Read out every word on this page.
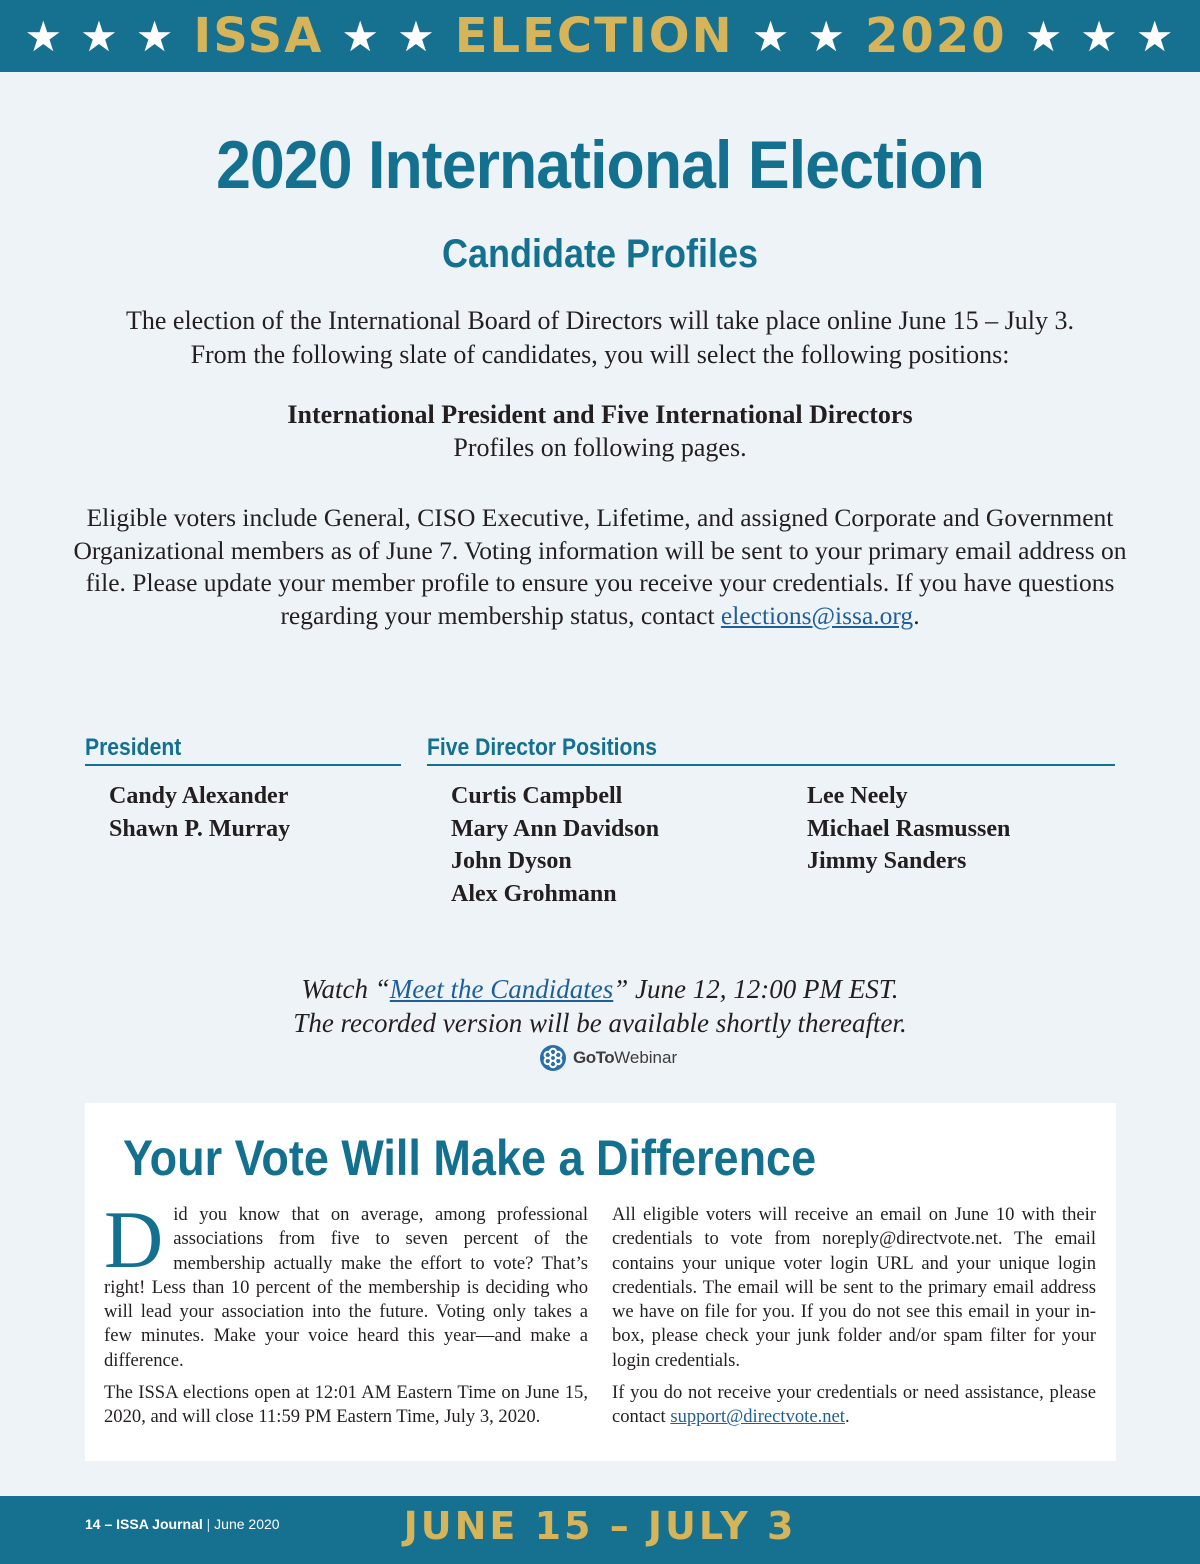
★ ★ ★ ISSA ★ ★ ELECTION ★ ★ 2020 ★ ★ ★
2020 International Election
Candidate Profiles
The election of the International Board of Directors will take place online June 15 – July 3.
From the following slate of candidates, you will select the following positions:
International President and Five International Directors
Profiles on following pages.
Eligible voters include General, CISO Executive, Lifetime, and assigned Corporate and Government Organizational members as of June 7. Voting information will be sent to your primary email address on file. Please update your member profile to ensure you receive your credentials. If you have questions regarding your membership status, contact elections@issa.org.
President
Candy Alexander
Shawn P. Murray
Five Director Positions
Curtis Campbell
Mary Ann Davidson
John Dyson
Alex Grohmann
Lee Neely
Michael Rasmussen
Jimmy Sanders
Watch “Meet the Candidates” June 12, 12:00 PM EST.
The recorded version will be available shortly thereafter.
GoTo Webinar
Your Vote Will Make a Difference

Did you know that on average, among professional associations from five to seven percent of the membership actually make the effort to vote? That’s right! Less than 10 percent of the membership is deciding who will lead your association into the future. Voting only takes a few minutes. Make your voice heard this year—and make a difference.

The ISSA elections open at 12:01 AM Eastern Time on June 15, 2020, and will close 11:59 PM Eastern Time, July 3, 2020.

All eligible voters will receive an email on June 10 with their credentials to vote from noreply@directvote.net. The email contains your unique voter login URL and your unique login credentials. The email will be sent to the primary email address we have on file for you. If you do not see this email in your in-box, please check your junk folder and/or spam filter for your login credentials.

If you do not receive your credentials or need assistance, please contact support@directvote.net.

14 – ISSA Journal | June 2020	JUNE 15 – JULY 3
